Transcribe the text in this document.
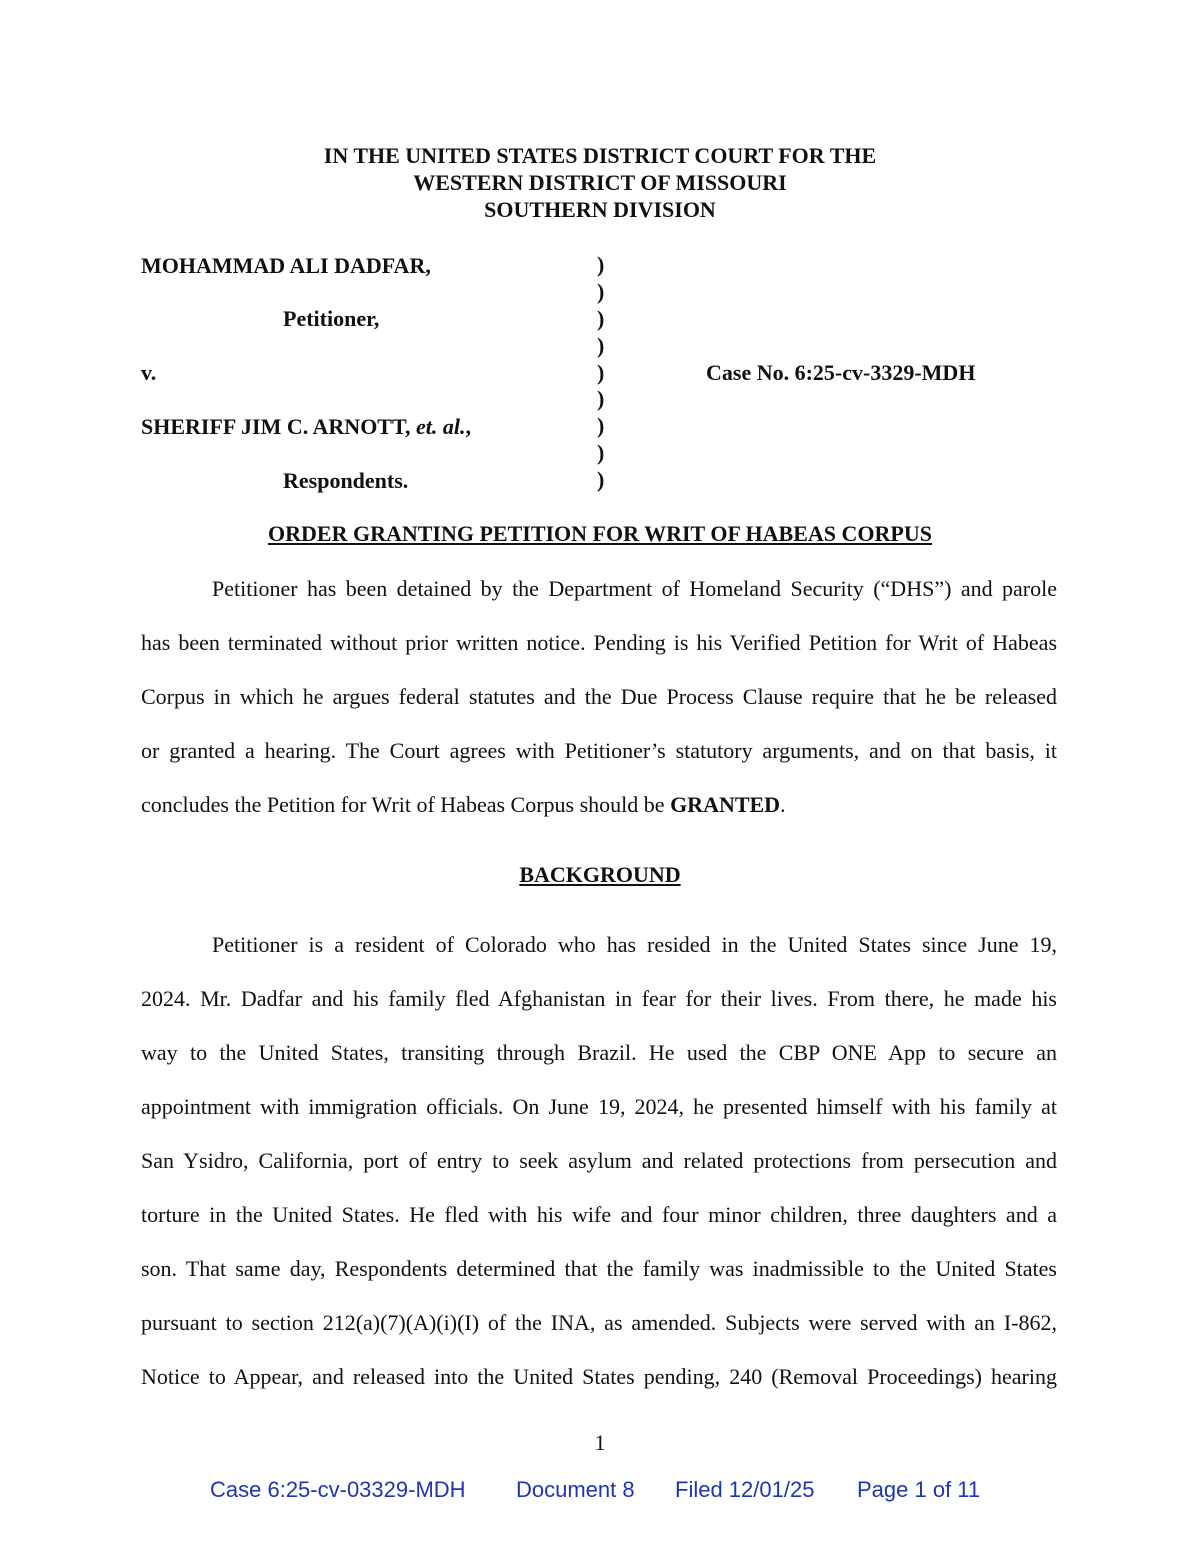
IN THE UNITED STATES DISTRICT COURT FOR THE
WESTERN DISTRICT OF MISSOURI
SOUTHERN DIVISION
MOHAMMAD ALI DADFAR,
Petitioner,
v.
SHERIFF JIM C. ARNOTT, et. al.,
Respondents.
Case No. 6:25-cv-3329-MDH
)
)
)
)
)
)
)
)
)
ORDER GRANTING PETITION FOR WRIT OF HABEAS CORPUS
Petitioner has been detained by the Department of Homeland Security (“DHS”) and parole
has been terminated without prior written notice. Pending is his Verified Petition for Writ of Habeas
Corpus in which he argues federal statutes and the Due Process Clause require that he be released
or granted a hearing. The Court agrees with Petitioner’s statutory arguments, and on that basis, it
concludes the Petition for Writ of Habeas Corpus should be GRANTED.
BACKGROUND
Petitioner is a resident of Colorado who has resided in the United States since June 19,
2024. Mr. Dadfar and his family fled Afghanistan in fear for their lives. From there, he made his
way to the United States, transiting through Brazil. He used the CBP ONE App to secure an
appointment with immigration officials. On June 19, 2024, he presented himself with his family at
San Ysidro, California, port of entry to seek asylum and related protections from persecution and
torture in the United States. He fled with his wife and four minor children, three daughters and a
son. That same day, Respondents determined that the family was inadmissible to the United States
pursuant to section 212(a)(7)(A)(i)(I) of the INA, as amended. Subjects were served with an I-862,
Notice to Appear, and released into the United States pending, 240 (Removal Proceedings) hearing
1
Case 6:25-cv-03329-MDH Document 8 Filed 12/01/25 Page 1 of 11
